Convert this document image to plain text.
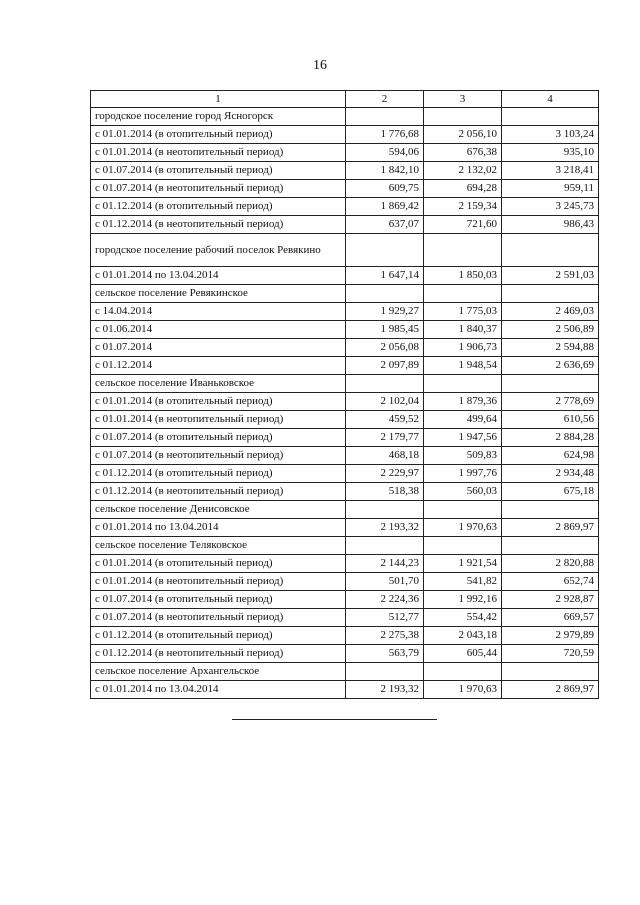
16
1	2	3	4
городское поселение город Ясногорск			
с 01.01.2014 (в отопительный период)	1 776,68	2 056,10	3 103,24
с 01.01.2014 (в неотопительный период)	594,06	676,38	935,10
с 01.07.2014 (в отопительный период)	1 842,10	2 132,02	3 218,41
с 01.07.2014 (в неотопительный период)	609,75	694,28	959,11
с 01.12.2014 (в отопительный период)	1 869,42	2 159,34	3 245,73
с 01.12.2014 (в неотопительный период)	637,07	721,60	986,43
городское поселение рабочий поселок Ревякино			
с 01.01.2014 по 13.04.2014	1 647,14	1 850,03	2 591,03
сельское поселение Ревякинское			
с 14.04.2014	1 929,27	1 775,03	2 469,03
с 01.06.2014	1 985,45	1 840,37	2 506,89
с 01.07.2014	2 056,08	1 906,73	2 594,88
с 01.12.2014	2 097,89	1 948,54	2 636,69
сельское поселение Иваньковское			
с 01.01.2014 (в отопительный период)	2 102,04	1 879,36	2 778,69
с 01.01.2014 (в неотопительный период)	459,52	499,64	610,56
с 01.07.2014 (в отопительный период)	2 179,77	1 947,56	2 884,28
с 01.07.2014 (в неотопительный период)	468,18	509,83	624,98
с 01.12.2014 (в отопительный период)	2 229,97	1 997,76	2 934,48
с 01.12.2014 (в неотопительный период)	518,38	560,03	675,18
сельское поселение Денисовское			
с 01.01.2014 по 13.04.2014	2 193,32	1 970,63	2 869,97
сельское поселение Теляковское			
с 01.01.2014 (в отопительный период)	2 144,23	1 921,54	2 820,88
с 01.01.2014 (в неотопительный период)	501,70	541,82	652,74
с 01.07.2014 (в отопительный период)	2 224,36	1 992,16	2 928,87
с 01.07.2014 (в неотопительный период)	512,77	554,42	669,57
с 01.12.2014 (в отопительный период)	2 275,38	2 043,18	2 979,89
с 01.12.2014 (в неотопительный период)	563,79	605,44	720,59
сельское поселение Архангельское			
с 01.01.2014 по 13.04.2014	2 193,32	1 970,63	2 869,97
